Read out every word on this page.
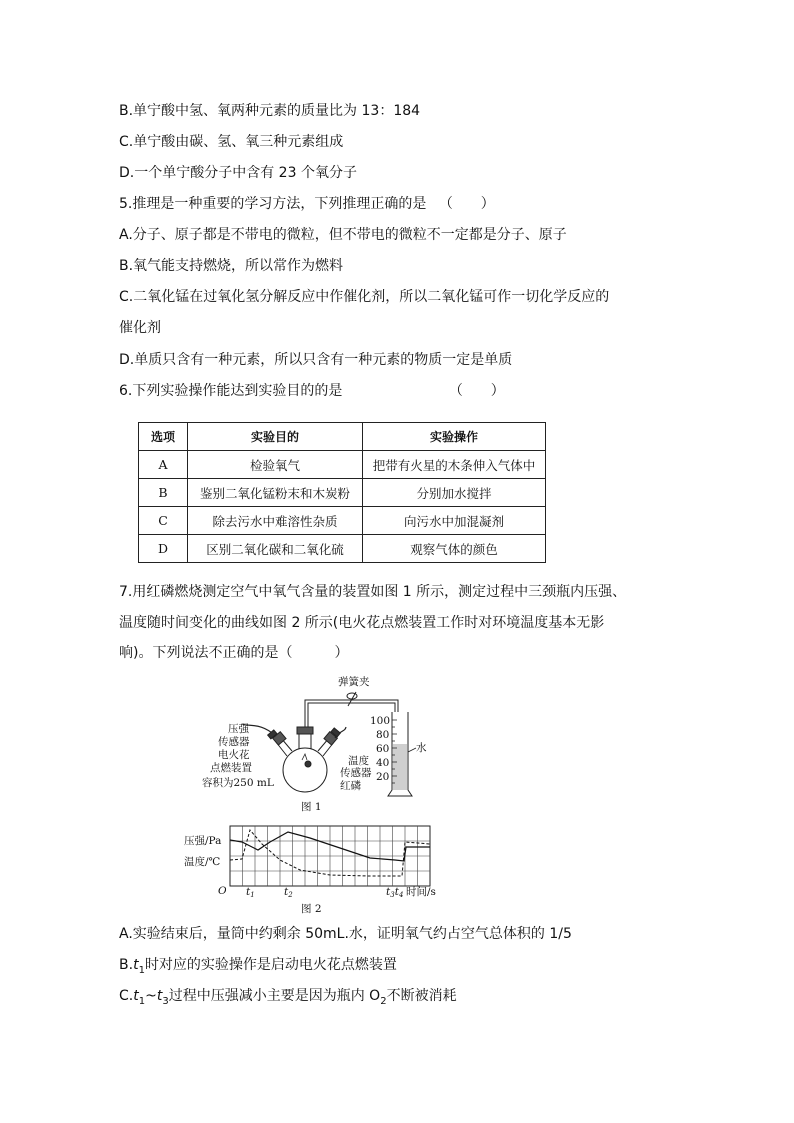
B.单宁酸中氢、氧两种元素的质量比为 13：184
C.单宁酸由碳、氢、氧三种元素组成
D.一个单宁酸分子中含有 23 个氧分子
5.推理是一种重要的学习方法，下列推理正确的是 （　　）
A.分子、原子都是不带电的微粒，但不带电的微粒不一定都是分子、原子
B.氧气能支持燃烧，所以常作为燃料
C.二氧化锰在过氧化氢分解反应中作催化剂，所以二氧化锰可作一切化学反应的
催化剂
D.单质只含有一种元素，所以只含有一种元素的物质一定是单质
6.下列实验操作能达到实验目的的是	（　　）
选项	实验目的	实验操作
A	检验氧气	把带有火星的木条伸入气体中
B	鉴别二氧化锰粉末和木炭粉	分别加水搅拌
C	除去污水中难溶性杂质	向污水中加混凝剂
D	区别二氧化碳和二氧化硫	观察气体的颜色
7.用红磷燃烧测定空气中氧气含量的装置如图 1 所示，测定过程中三颈瓶内压强、
温度随时间变化的曲线如图 2 所示(电火花点燃装置工作时对环境温度基本无影
响)。下列说法不正确的是（　　　）
弹簧夹
压强
传感器
电火花
点燃装置
容积为250 mL
温度
传感器
红磷
水
100
80
60
40
20
图 1
压强/Pa
温度/℃
O t1	t2	t3t4 时间/s
图 2
A.实验结束后，量筒中约剩余 50mL.水，证明氧气约占空气总体积的 1/5
$B.t_1$时对应的实验操作是启动电火花点燃装置
$C.t_1\sim t_3$过程中压强减小主要是因为瓶内 $O_2$不断被消耗
